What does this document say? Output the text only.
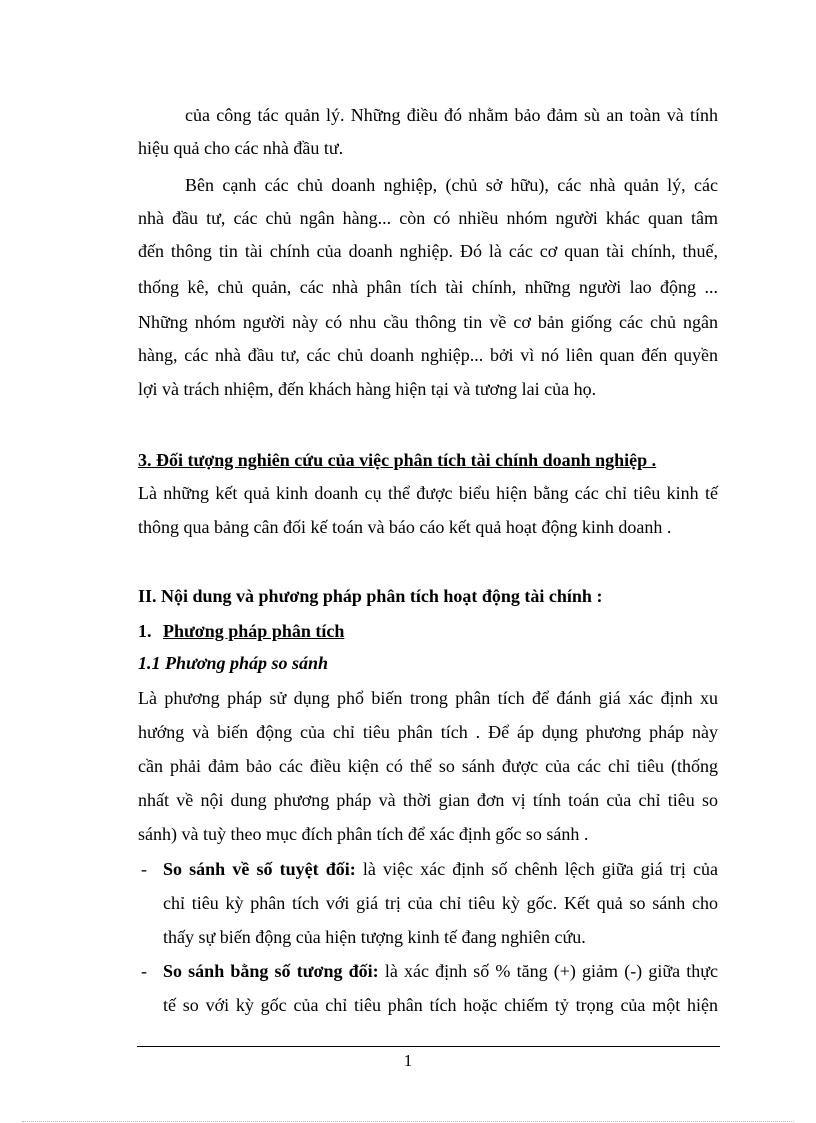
của công tác quản lý. Những điều đó nhằm bảo đảm sù an toàn và tính
hiệu quả cho các nhà đầu tư.
Bên cạnh các chủ doanh nghiệp, (chủ sở hữu), các nhà quản lý, các
nhà đầu tư, các chủ ngân hàng... còn có nhiều nhóm người khác quan tâm
đến thông tin tài chính của doanh nghiệp. Đó là các cơ quan tài chính, thuế,
thống kê, chủ quản, các nhà phân tích tài chính, những người lao động ...
Những nhóm người này có nhu cầu thông tin về cơ bản giống các chủ ngân
hàng, các nhà đầu tư, các chủ doanh nghiệp... bởi vì nó liên quan đến quyền
lợi và trách nhiệm, đến khách hàng hiện tại và tương lai của họ.
3. Đối tượng nghiên cứu của việc phân tích tài chính doanh nghiệp .
Là những kết quả kinh doanh cụ thể được biểu hiện bằng các chỉ tiêu kinh tế
thông qua bảng cân đối kế toán và báo cáo kết quả hoạt động kinh doanh .
II. Nội dung và phương pháp phân tích hoạt động tài chính :
1. Phương pháp phân tích
1.1 Phương pháp so sánh
Là phương pháp sử dụng phổ biến trong phân tích để đánh giá xác định xu
hướng và biến động của chỉ tiêu phân tích . Để áp dụng phương pháp này
cần phải đảm bảo các điều kiện có thể so sánh được của các chỉ tiêu (thống
nhất về nội dung phương pháp và thời gian đơn vị tính toán của chỉ tiêu so
sánh) và tuỳ theo mục đích phân tích để xác định gốc so sánh .
- So sánh về số tuyệt đối: là việc xác định số chênh lệch giữa giá trị của
chỉ tiêu kỳ phân tích với giá trị của chỉ tiêu kỳ gốc. Kết quả so sánh cho
thấy sự biến động của hiện tượng kinh tế đang nghiên cứu.
- So sánh bằng số tương đối: là xác định số % tăng (+) giảm (-) giữa thực
tế so với kỳ gốc của chỉ tiêu phân tích hoặc chiếm tỷ trọng của một hiện
1
